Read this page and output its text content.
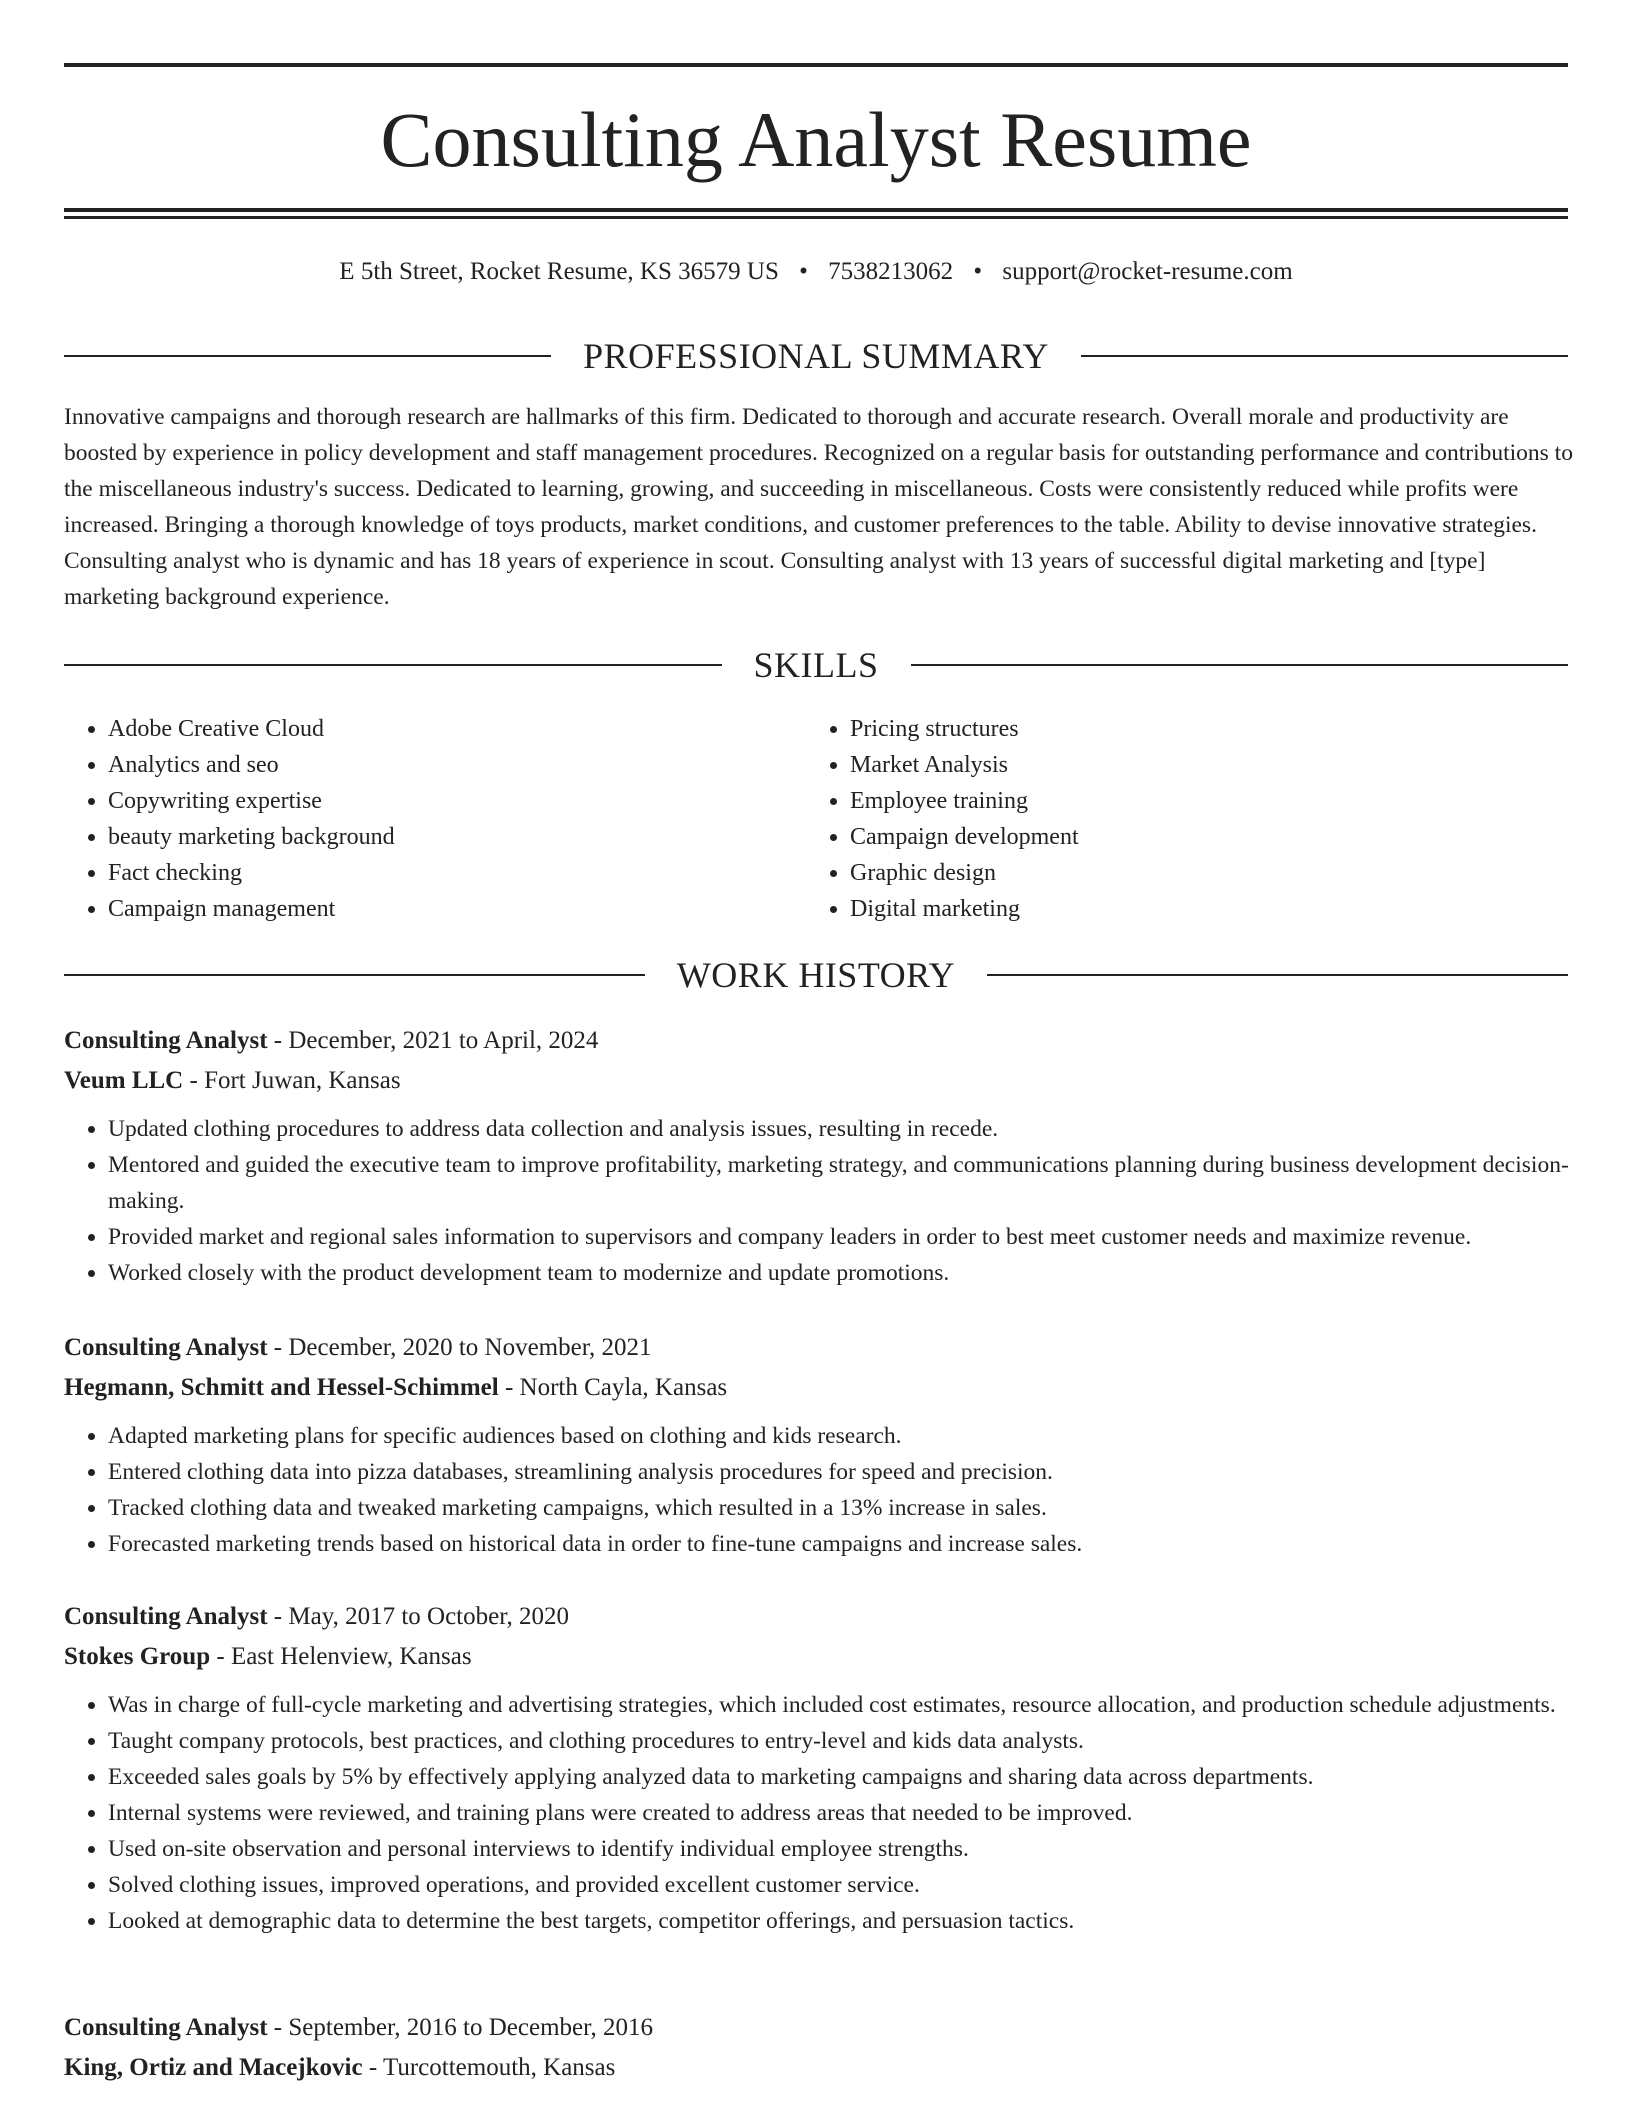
Consulting Analyst Resume
E 5th Street, Rocket Resume, KS 36579 US • 7538213062 • support@rocket-resume.com
PROFESSIONAL SUMMARY

Innovative campaigns and thorough research are hallmarks of this firm. Dedicated to thorough and accurate research. Overall morale and productivity are boosted by experience in policy development and staff management procedures. Recognized on a regular basis for outstanding performance and contributions to the miscellaneous industry's success. Dedicated to learning, growing, and succeeding in miscellaneous. Costs were consistently reduced while profits were increased. Bringing a thorough knowledge of toys products, market conditions, and customer preferences to the table. Ability to devise innovative strategies. Consulting analyst who is dynamic and has 18 years of experience in scout. Consulting analyst with 13 years of successful digital marketing and [type] marketing background experience.

SKILLS
• Adobe Creative Cloud
• Analytics and seo
• Copywriting expertise
• beauty marketing background
• Fact checking
• Campaign management
• Pricing structures
• Market Analysis
• Employee training
• Campaign development
• Graphic design
• Digital marketing
WORK HISTORY
Consulting Analyst - December, 2021 to April, 2024
Veum LLC - Fort Juwan, Kansas
• Updated clothing procedures to address data collection and analysis issues, resulting in recede.
• Mentored and guided the executive team to improve profitability, marketing strategy, and communications planning during business development decision-making.
• Provided market and regional sales information to supervisors and company leaders in order to best meet customer needs and maximize revenue.
• Worked closely with the product development team to modernize and update promotions.
Consulting Analyst - December, 2020 to November, 2021
Hegmann, Schmitt and Hessel-Schimmel - North Cayla, Kansas
• Adapted marketing plans for specific audiences based on clothing and kids research.
• Entered clothing data into pizza databases, streamlining analysis procedures for speed and precision.
• Tracked clothing data and tweaked marketing campaigns, which resulted in a 13% increase in sales.
• Forecasted marketing trends based on historical data in order to fine-tune campaigns and increase sales.
Consulting Analyst - May, 2017 to October, 2020
Stokes Group - East Helenview, Kansas
• Was in charge of full-cycle marketing and advertising strategies, which included cost estimates, resource allocation, and production schedule adjustments.
• Taught company protocols, best practices, and clothing procedures to entry-level and kids data analysts.
• Exceeded sales goals by 5% by effectively applying analyzed data to marketing campaigns and sharing data across departments.
• Internal systems were reviewed, and training plans were created to address areas that needed to be improved.
• Used on-site observation and personal interviews to identify individual employee strengths.
• Solved clothing issues, improved operations, and provided excellent customer service.
• Looked at demographic data to determine the best targets, competitor offerings, and persuasion tactics.
Consulting Analyst - September, 2016 to December, 2016
King, Ortiz and Macejkovic - Turcottemouth, Kansas
